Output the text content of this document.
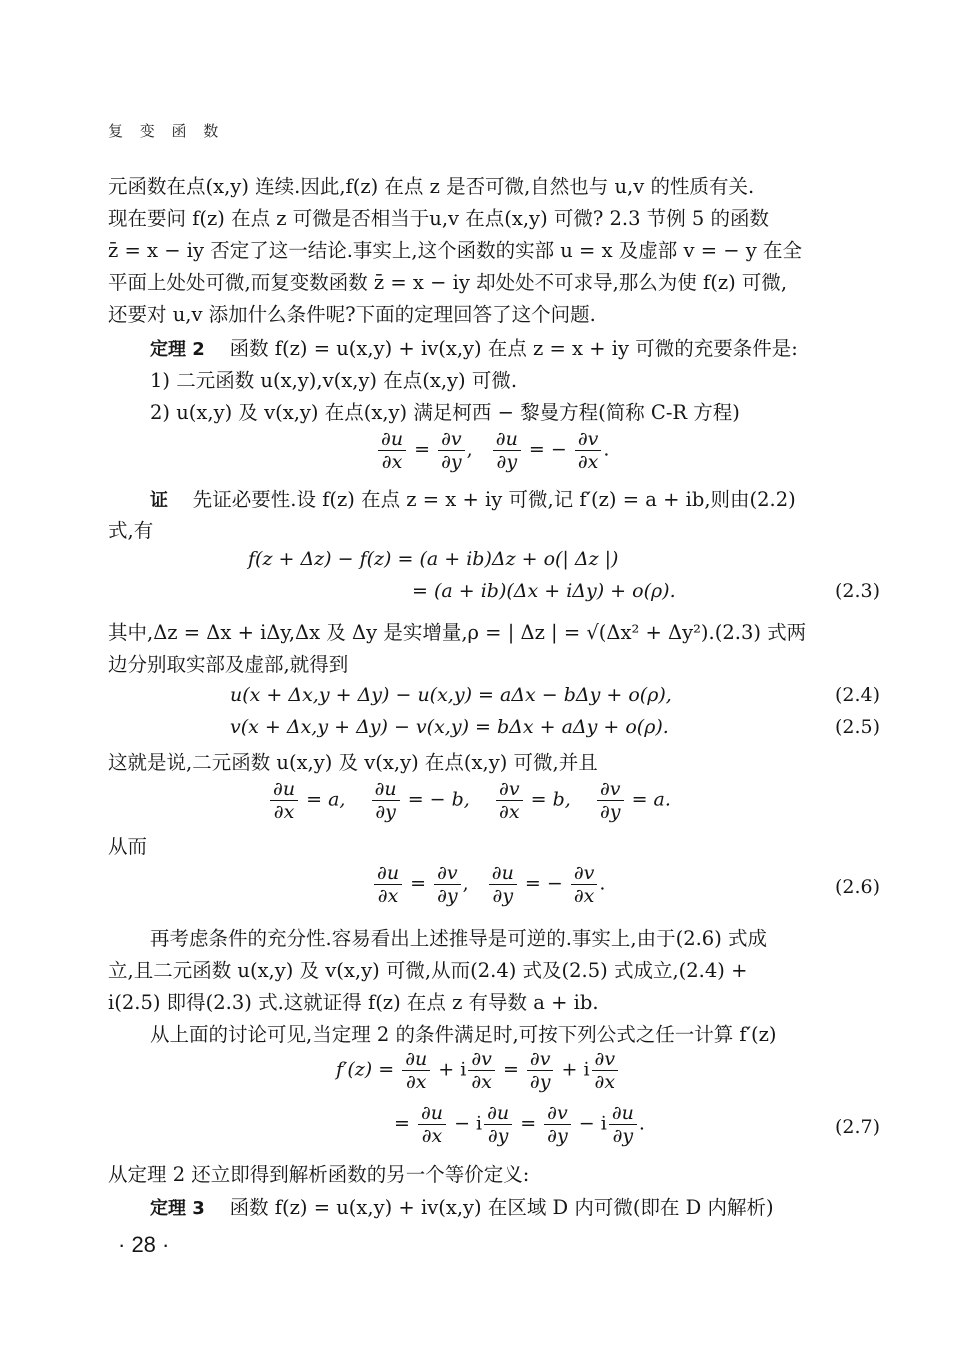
复 变 函 数
元函数在点(x,y) 连续.因此,f(z) 在点 z 是否可微,自然也与 u,v 的性质有关.
现在要问 f(z) 在点 z 可微是否相当于u,v 在点(x,y) 可微? 2.3 节例 5 的函数
z̄ = x − iy 否定了这一结论.事实上,这个函数的实部 u = x 及虚部 v = − y 在全
平面上处处可微,而复变数函数 z̄ = x − iy 却处处不可求导,那么为使 f(z) 可微,
还要对 u,v 添加什么条件呢?下面的定理回答了这个问题.
定理 2 函数 f(z) = u(x,y) + iv(x,y) 在点 z = x + iy 可微的充要条件是:
1) 二元函数 u(x,y),v(x,y) 在点(x,y) 可微.
2) u(x,y) 及 v(x,y) 在点(x,y) 满足柯西 − 黎曼方程(简称 C-R 方程)
$\frac{\partial u}{\partial x} = \frac{\partial v}{\partial y}$ , $\frac{\partial u}{\partial y}$ = − $\frac{\partial v}{\partial x}$ .
证 先证必要性.设 f(z) 在点 z = x + iy 可微,记 f′(z) = a + ib,则由(2.2)
式,有
f(z + Δz) − f(z) = (a + ib)Δz + o(| Δz |)
= (a + ib)(Δx + iΔy) + o(ρ).	(2.3)
其中,Δz = Δx + iΔy,Δx 及 Δy 是实增量,ρ = | Δz | = √(Δx² + Δy²).(2.3) 式两
边分别取实部及虚部,就得到
u(x + Δx,y + Δy) − u(x,y) = aΔx − bΔy + o(ρ),	(2.4)
v(x + Δx,y + Δy) − v(x,y) = bΔx + aΔy + o(ρ).	(2.5)
这就是说,二元函数 u(x,y) 及 v(x,y) 在点(x,y) 可微,并且
$\frac{\partial u}{\partial x} = a$, $\frac{\partial u}{\partial y}$ = − b, $\frac{\partial v}{\partial x} = b$, $\frac{\partial v}{\partial y} = a$.
从而
$\frac{\partial u}{\partial x} = \frac{\partial v}{\partial y}$ , $\frac{\partial u}{\partial y}$ = − $\frac{\partial v}{\partial x}$ .	(2.6)
再考虑条件的充分性.容易看出上述推导是可逆的.事实上,由于(2.6) 式成
立,且二元函数 u(x,y) 及 v(x,y) 可微,从而(2.4) 式及(2.5) 式成立,(2.4) +
i(2.5) 即得(2.3) 式.这就证得 f(z) 在点 z 有导数 a + ib.
从上面的讨论可见,当定理 2 的条件满足时,可按下列公式之任一计算 f′(z)
$f'(z) = \frac{\partial u}{\partial x} + i \frac{\partial v}{\partial x} = \frac{\partial v}{\partial y} + i \frac{\partial v}{\partial x}$
= $\frac{\partial u}{\partial x} - i \frac{\partial u}{\partial y} = \frac{\partial v}{\partial y} - i \frac{\partial u}{\partial y}$ .	(2.7)
从定理 2 还立即得到解析函数的另一个等价定义:
定理 3 函数 f(z) = u(x,y) + iv(x,y) 在区域 D 内可微(即在 D 内解析)
· 28 ·
